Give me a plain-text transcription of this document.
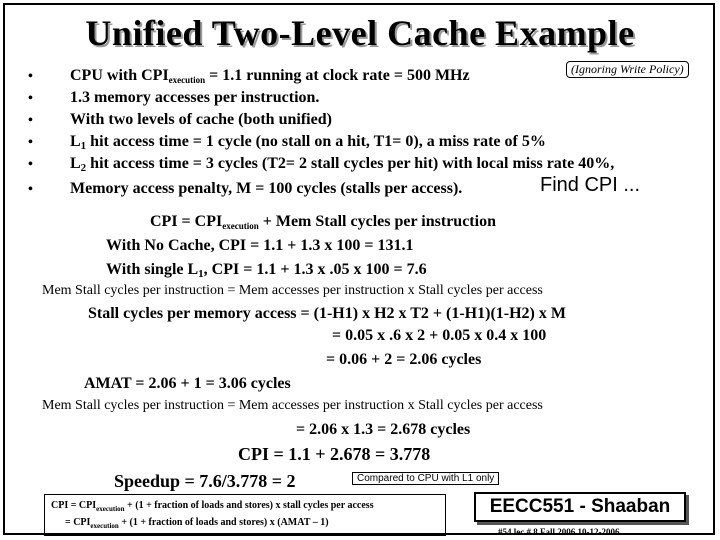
Unified Two-Level Cache Example
• CPU with $CPI_{execution} = 1.1$ running at clock rate = 500 MHz	(Ignoring Write Policy)
• 1.3 memory accesses per instruction.
• With two levels of cache (both unified)
• L1 hit access time = 1 cycle (no stall on a hit, T1= 0), a miss rate of 5%
• L2 hit access time = 3 cycles (T2= 2 stall cycles per hit) with local miss rate 40%,
• Memory access penalty, M = 100 cycles (stalls per access).	Find CPI ...
CPI = $CPI_{execution}$ + Mem Stall cycles per instruction
With No Cache, CPI = 1.1 + 1.3 x 100 = 131.1
With single L1, CPI = 1.1 + 1.3 x .05 x 100 = 7.6
Mem Stall cycles per instruction = Mem accesses per instruction x Stall cycles per access
Stall cycles per memory access = (1-H1) x H2 x T2 + (1-H1)(1-H2) x M
= 0.05 x .6 x 2 + 0.05 x 0.4 x 100
= 0.06 + 2 = 2.06 cycles
AMAT = 2.06 + 1 = 3.06 cycles
Mem Stall cycles per instruction = Mem accesses per instruction x Stall cycles per access
= 2.06 x 1.3 = 2.678 cycles
CPI = 1.1 + 2.678 = 3.778
Speedup = 7.6/3.778 = 2	Compared to CPU with L1 only
CPI = $CPI_{execution} + (1$ + fraction of loads and stores) x stall cycles per access
= $CPI_{execution} + (1$ + fraction of loads and stores) x (AMAT – 1)
EECC551 - Shaaban
#54 lec # 8 Fall 2006 10-12-2006
